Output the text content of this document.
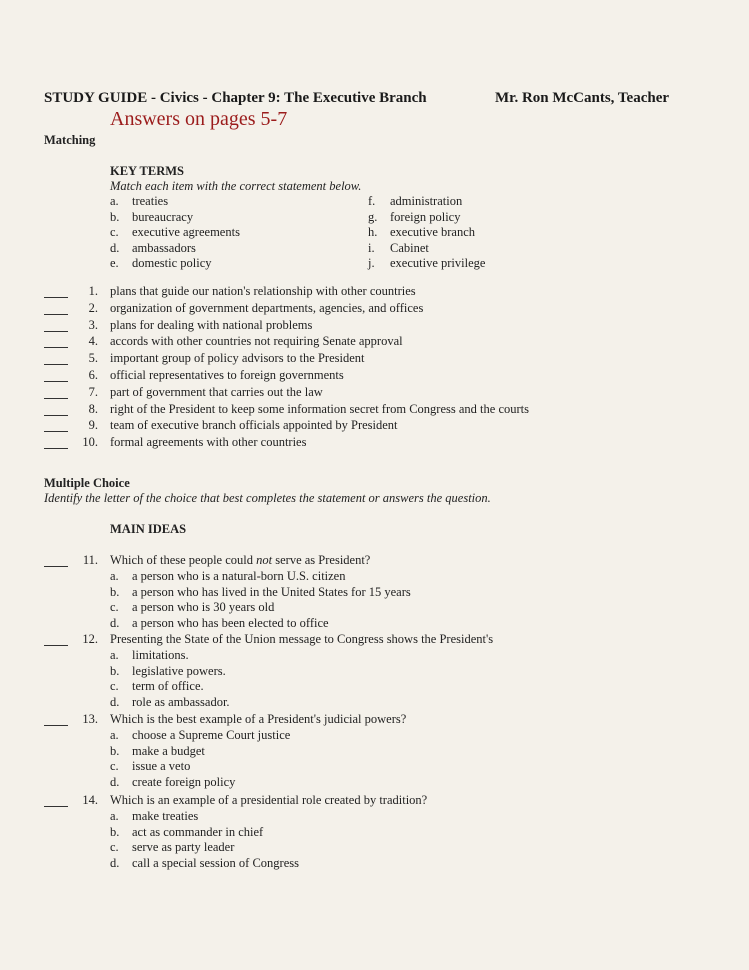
STUDY GUIDE - Civics - Chapter 9: The Executive Branch	Mr. Ron McCants, Teacher
Answers on pages 5-7
Matching
KEY TERMS
Match each item with the correct statement below.
a. treaties
b. bureaucracy
c. executive agreements
d. ambassadors
e. domestic policy
f. administration
g. foreign policy
h. executive branch
i. Cabinet
j. executive privilege
1. plans that guide our nation's relationship with other countries
2. organization of government departments, agencies, and offices
3. plans for dealing with national problems
4. accords with other countries not requiring Senate approval
5. important group of policy advisors to the President
6. official representatives to foreign governments
7. part of government that carries out the law
8. right of the President to keep some information secret from Congress and the courts
9. team of executive branch officials appointed by President
10. formal agreements with other countries
Multiple Choice
Identify the letter of the choice that best completes the statement or answers the question.
MAIN IDEAS
11. Which of these people could not serve as President?
a. a person who is a natural-born U.S. citizen
b. a person who has lived in the United States for 15 years
c. a person who is 30 years old
d. a person who has been elected to office
12. Presenting the State of the Union message to Congress shows the President's
a. limitations.
b. legislative powers.
c. term of office.
d. role as ambassador.
13. Which is the best example of a President's judicial powers?
a. choose a Supreme Court justice
b. make a budget
c. issue a veto
d. create foreign policy
14. Which is an example of a presidential role created by tradition?
a. make treaties
b. act as commander in chief
c. serve as party leader
d. call a special session of Congress
